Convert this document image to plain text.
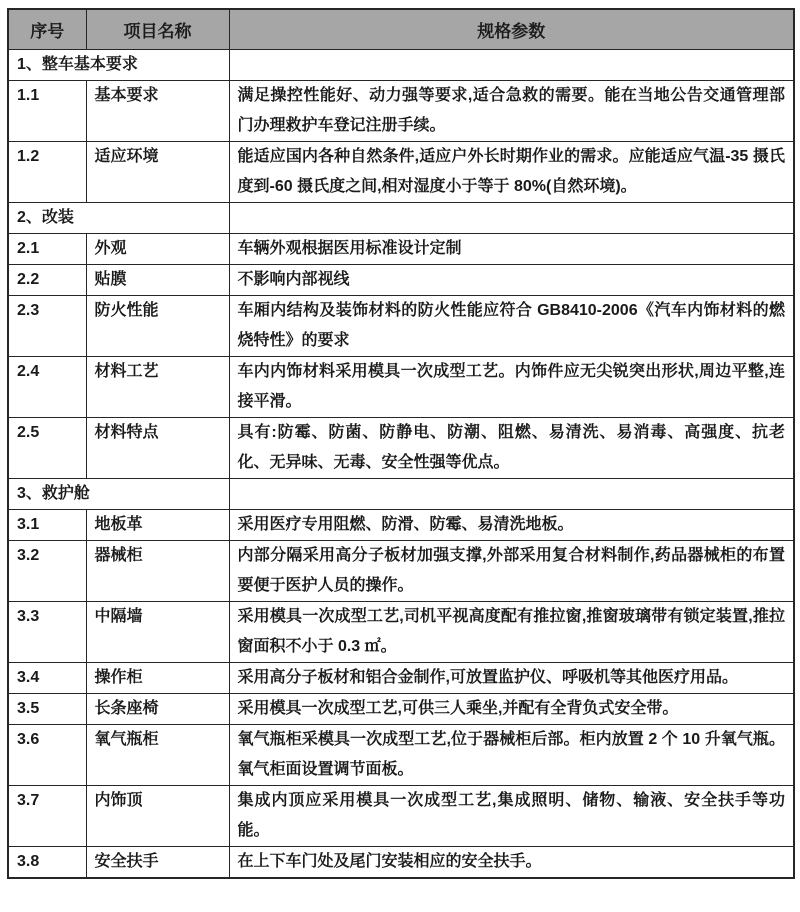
序号	项目名称	规格参数
1、整车基本要求		
1.1	基本要求	满足操控性能好、动力强等要求,适合急救的需要。能在当地公告交通管理部门办理救护车登记注册手续。
1.2	适应环境	能适应国内各种自然条件,适应户外长时期作业的需求。应能适应气温-35 摄氏度到-60 摄氏度之间,相对湿度小于等于 80%(自然环境)。
2、改装		
2.1	外观	车辆外观根据医用标准设计定制
2.2	贴膜	不影响内部视线
2.3	防火性能	车厢内结构及装饰材料的防火性能应符合 GB8410-2006《汽车内饰材料的燃烧特性》的要求
2.4	材料工艺	车内内饰材料采用模具一次成型工艺。内饰件应无尖锐突出形状,周边平整,连接平滑。
2.5	材料特点	具有:防霉、防菌、防静电、防潮、阻燃、易清洗、易消毒、高强度、抗老化、无异味、无毒、安全性强等优点。
3、救护舱		
3.1	地板革	采用医疗专用阻燃、防滑、防霉、易清洗地板。
3.2	器械柜	内部分隔采用高分子板材加强支撑,外部采用复合材料制作,药品器械柜的布置要便于医护人员的操作。
3.3	中隔墙	采用模具一次成型工艺,司机平视高度配有推拉窗,推窗玻璃带有锁定装置,推拉窗面积不小于 0.3 ㎡。
3.4	操作柜	采用高分子板材和铝合金制作,可放置监护仪、呼吸机等其他医疗用品。
3.5	长条座椅	采用模具一次成型工艺,可供三人乘坐,并配有全背负式安全带。
3.6	氧气瓶柜	氧气瓶柜采模具一次成型工艺,位于器械柜后部。柜内放置 2 个 10 升氧气瓶。氧气柜面设置调节面板。
3.7	内饰顶	集成内顶应采用模具一次成型工艺,集成照明、储物、输液、安全扶手等功能。
3.8	安全扶手	在上下车门处及尾门安装相应的安全扶手。
